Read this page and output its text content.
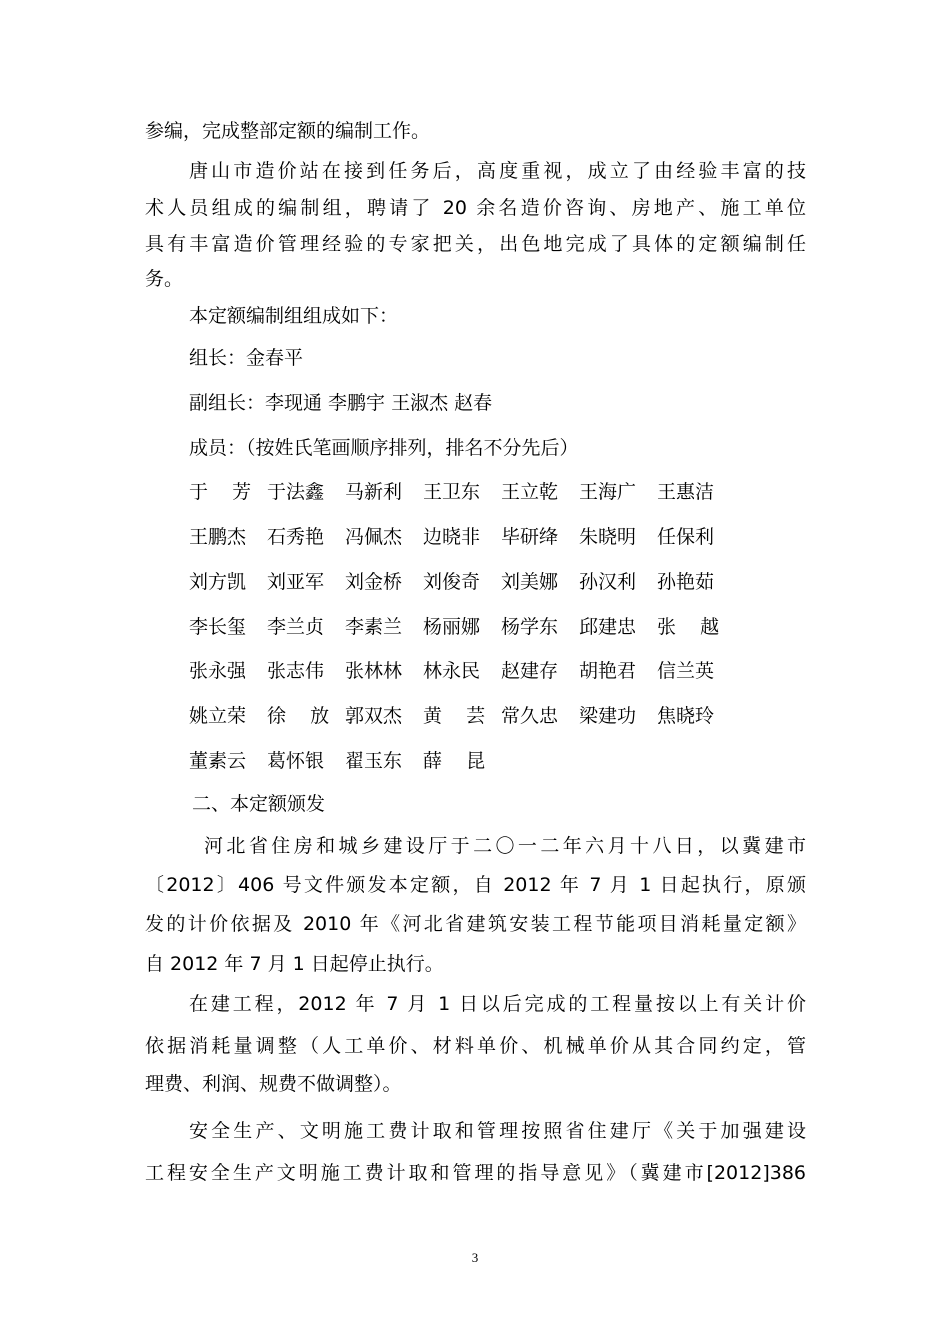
参编，完成整部定额的编制工作。
唐山市造价站在接到任务后，高度重视，成立了由经验丰富的技
术人员组成的编制组，聘请了 20 余名造价咨询、房地产、施工单位
具有丰富造价管理经验的专家把关，出色地完成了具体的定额编制任
务。
本定额编制组组成如下：
组长：金春平
副组长：李现通 李鹏宇 王淑杰 赵春
成员：（按姓氏笔画顺序排列，排名不分先后）
于    芳 于法鑫 马新利 王卫东 王立乾 王海广 王惠洁
王鹏杰 石秀艳 冯佩杰 边晓非 毕研绛 朱晓明 任保利
刘方凯 刘亚军 刘金桥 刘俊奇 刘美娜 孙汉利 孙艳茹
李长玺 李兰贞 李素兰 杨丽娜 杨学东 邱建忠 张    越
张永强 张志伟 张林林 林永民 赵建存 胡艳君 信兰英
姚立荣 徐    放 郭双杰 黄    芸 常久忠 梁建功 焦晓玲
董素云 葛怀银 翟玉东 薛    昆
二、本定额颁发
河北省住房和城乡建设厅于二〇一二年六月十八日，以冀建市
〔2012〕406 号文件颁发本定额，自 2012 年 7 月 1 日起执行，原颁
发的计价依据及 2010 年《河北省建筑安装工程节能项目消耗量定额》
自 2012 年 7 月 1 日起停止执行。
在建工程，2012 年 7 月 1 日以后完成的工程量按以上有关计价
依据消耗量调整（人工单价、材料单价、机械单价从其合同约定，管
理费、利润、规费不做调整）。
安全生产、文明施工费计取和管理按照省住建厅《关于加强建设
工程安全生产文明施工费计取和管理的指导意见》（冀建市[2012]386
3
